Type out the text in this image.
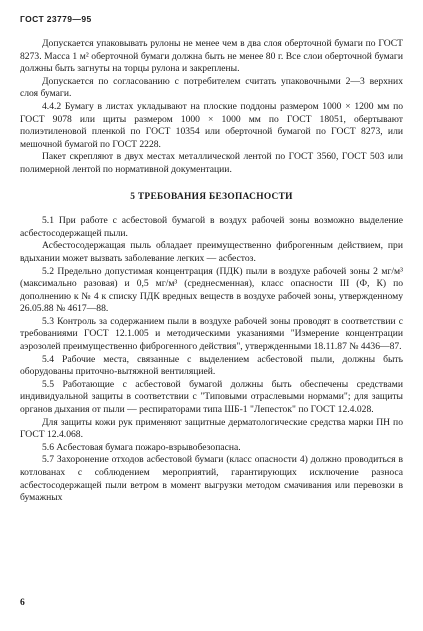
ГОСТ 23779—95

Допускается упаковывать рулоны не менее чем в два слоя оберточной бумаги по ГОСТ 8273. Масса 1 м² оберточной бумаги должна быть не менее 80 г. Все слои оберточной бумаги должны быть загнуты на торцы рулона и закреплены.

Допускается по согласованию с потребителем считать упаковочными 2—3 верхних слоя бумаги.

4.4.2 Бумагу в листах укладывают на плоские поддоны размером 1000 × 1200 мм по ГОСТ 9078 или щиты размером 1000 × 1000 мм по ГОСТ 18051, обертывают полиэтиленовой пленкой по ГОСТ 10354 или оберточной бумагой по ГОСТ 8273, или мешочной бумагой по ГОСТ 2228.

Пакет скрепляют в двух местах металлической лентой по ГОСТ 3560, ГОСТ 503 или полимерной лентой по нормативной документации.

5 ТРЕБОВАНИЯ БЕЗОПАСНОСТИ

5.1 При работе с асбестовой бумагой в воздух рабочей зоны возможно выделение асбестосодержащей пыли.

Асбестосодержащая пыль обладает преимущественно фиброгенным действием, при вдыхании может вызвать заболевание легких — асбестоз.

5.2 Предельно допустимая концентрация (ПДК) пыли в воздухе рабочей зоны 2 мг/м³ (максимально разовая) и 0,5 мг/м³ (среднесменная), класс опасности III (Ф, К) по дополнению к № 4 к списку ПДК вредных веществ в воздухе рабочей зоны, утвержденному 26.05.88 № 4617—88.

5.3 Контроль за содержанием пыли в воздухе рабочей зоны проводят в соответствии с требованиями ГОСТ 12.1.005 и методическими указаниями "Измерение концентрации аэрозолей преимущественно фиброгенного действия", утвержденными 18.11.87 № 4436—87.

5.4 Рабочие места, связанные с выделением асбестовой пыли, должны быть оборудованы приточно-вытяжной вентиляцией.

5.5 Работающие с асбестовой бумагой должны быть обеспечены средствами индивидуальной защиты в соответствии с "Типовыми отраслевыми нормами"; для защиты органов дыхания от пыли — респираторами типа ШБ-1 "Лепесток" по ГОСТ 12.4.028.

Для защиты кожи рук применяют защитные дерматологические средства марки ПН по ГОСТ 12.4.068.

5.6 Асбестовая бумага пожаро-взрывобезопасна.

5.7 Захоронение отходов асбестовой бумаги (класс опасности 4) должно проводиться в котлованах с соблюдением мероприятий, гарантирующих исключение разноса асбестосодержащей пыли ветром в момент выгрузки методом смачивания или перевозки в бумажных

6
